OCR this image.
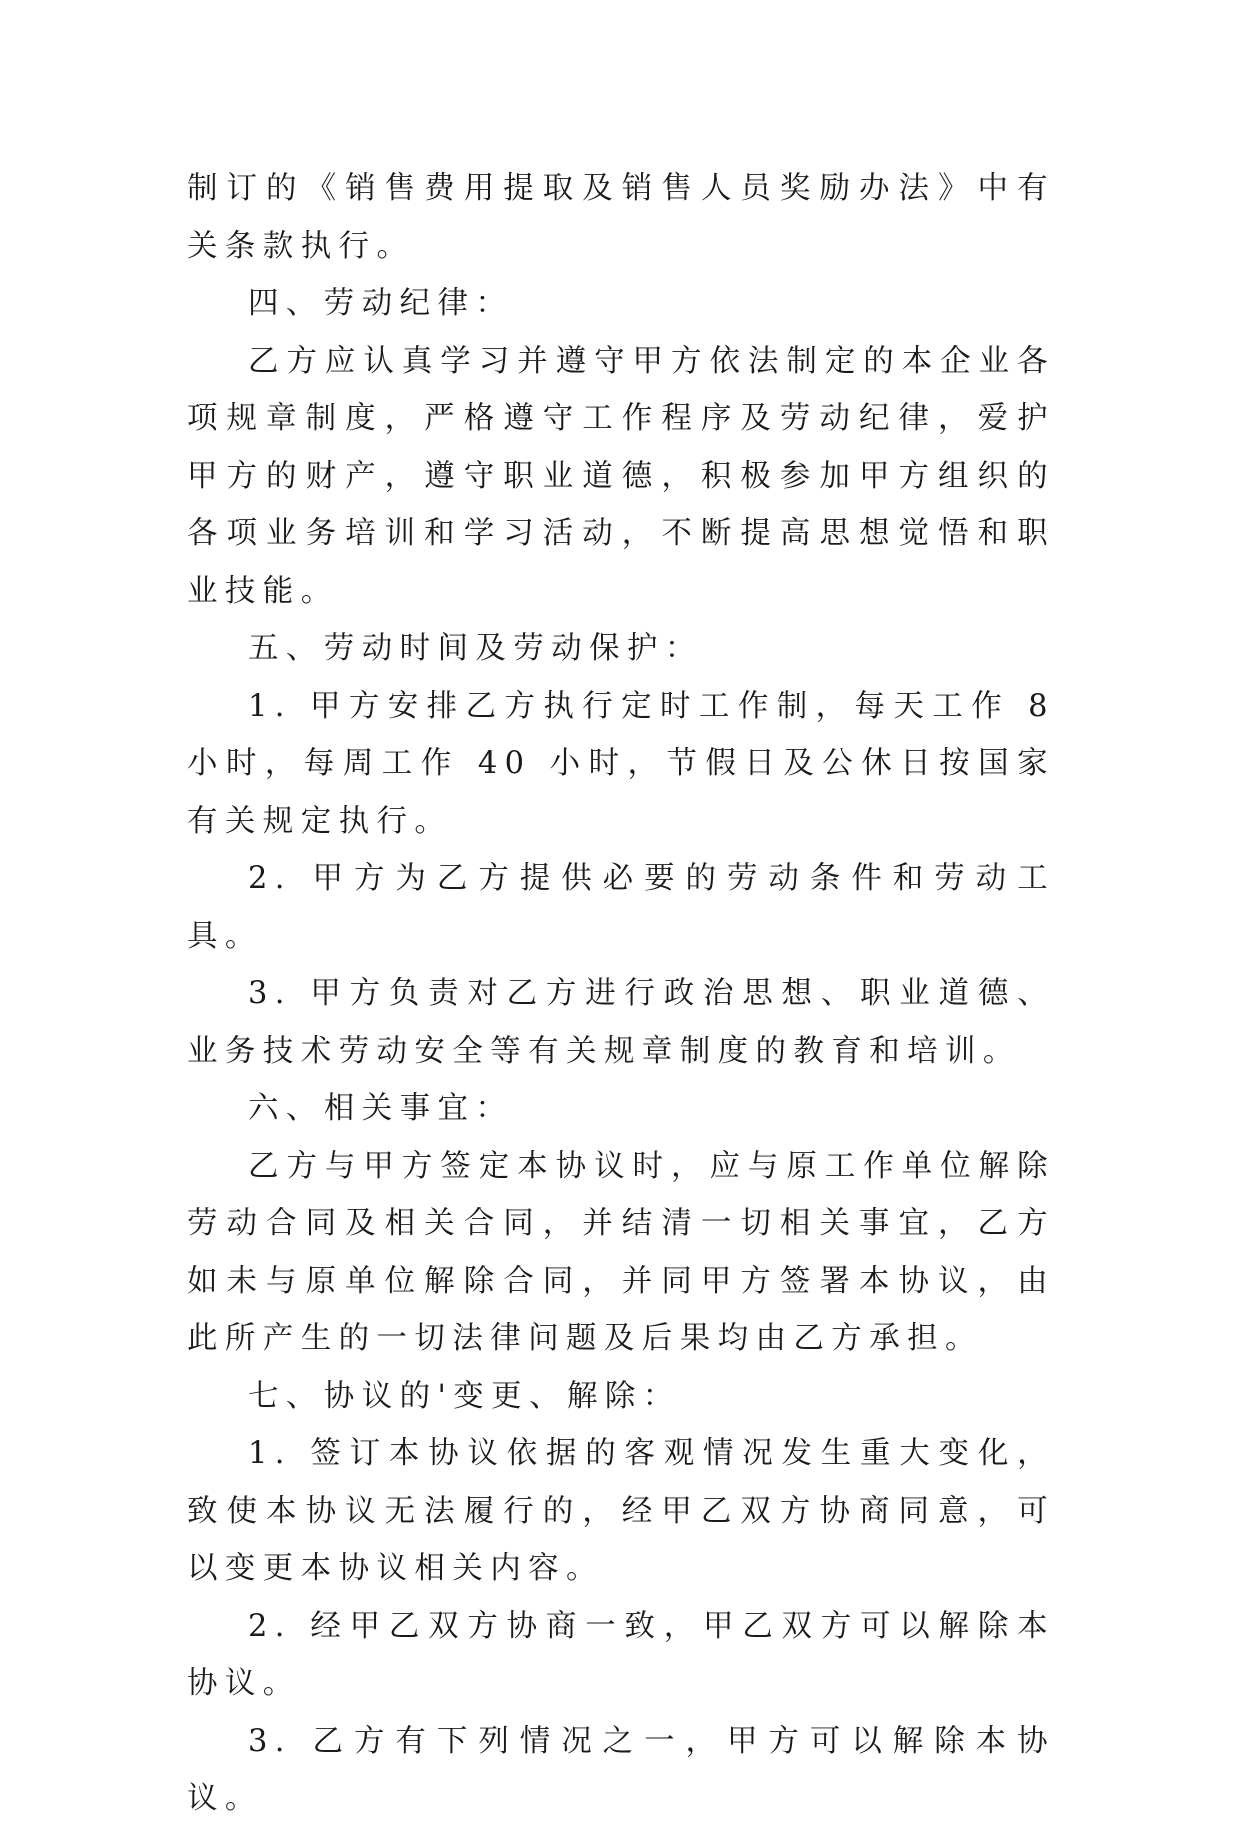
制订的《销售费用提取及销售人员奖励办法》中有关条款执行。

四、劳动纪律：

乙方应认真学习并遵守甲方依法制定的本企业各项规章制度，严格遵守工作程序及劳动纪律，爱护甲方的财产，遵守职业道德，积极参加甲方组织的各项业务培训和学习活动，不断提高思想觉悟和职业技能。

五、劳动时间及劳动保护：

1. 甲方安排乙方执行定时工作制，每天工作 8 小时，每周工作 40 小时，节假日及公休日按国家有关规定执行。

2. 甲方为乙方提供必要的劳动条件和劳动工具。

3. 甲方负责对乙方进行政治思想、职业道德、业务技术劳动安全等有关规章制度的教育和培训。

六、相关事宜：

乙方与甲方签定本协议时，应与原工作单位解除劳动合同及相关合同，并结清一切相关事宜，乙方如未与原单位解除合同，并同甲方签署本协议，由此所产生的一切法律问题及后果均由乙方承担。

七、协议的'变更、解除：

1. 签订本协议依据的客观情况发生重大变化，致使本协议无法履行的，经甲乙双方协商同意，可以变更本协议相关内容。

2. 经甲乙双方协商一致，甲乙双方可以解除本协议。

3. 乙方有下列情况之一，甲方可以解除本协议。
